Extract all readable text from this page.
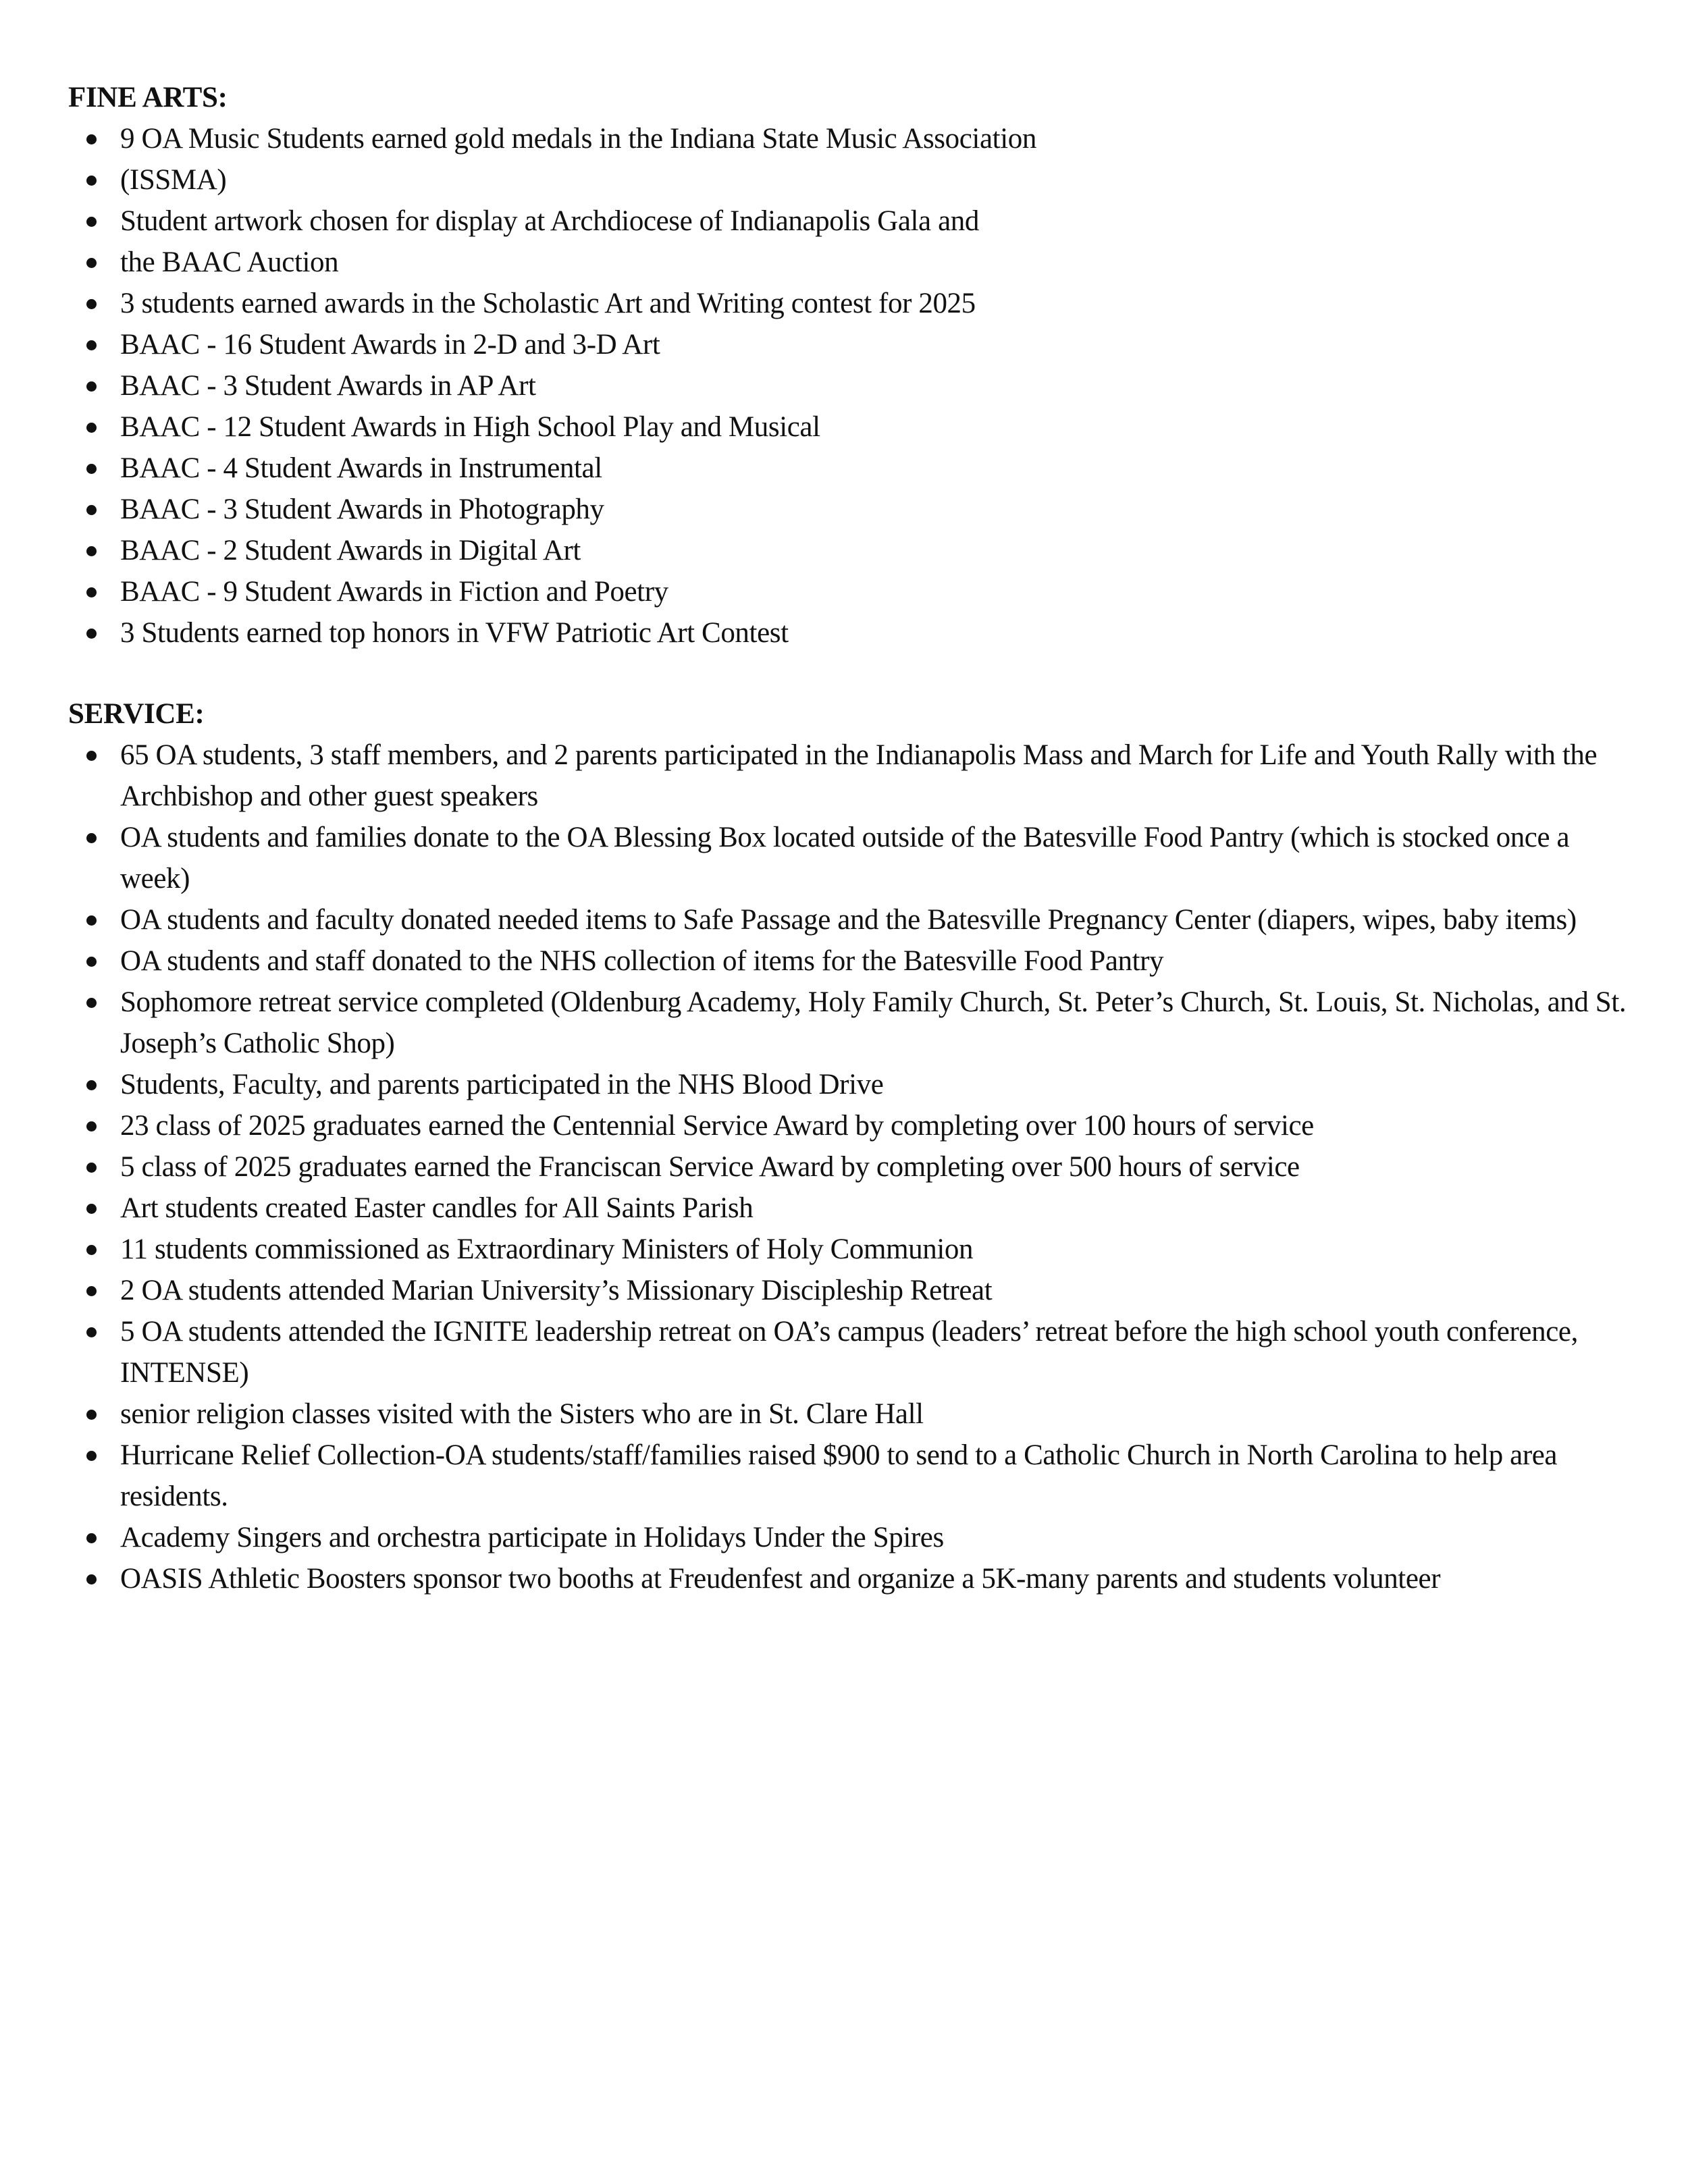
FINE ARTS:

9 OA Music Students earned gold medals in the Indiana State Music Association
(ISSMA)
Student artwork chosen for display at Archdiocese of Indianapolis Gala and
the BAAC Auction
3 students earned awards in the Scholastic Art and Writing contest for 2025
BAAC - 16 Student Awards in 2-D and 3-D Art
BAAC - 3 Student Awards in AP Art
BAAC - 12 Student Awards in High School Play and Musical
BAAC - 4 Student Awards in Instrumental
BAAC - 3 Student Awards in Photography
BAAC - 2 Student Awards in Digital Art
BAAC - 9 Student Awards in Fiction and Poetry
3 Students earned top honors in VFW Patriotic Art Contest

SERVICE:

65 OA students, 3 staff members, and 2 parents participated in the Indianapolis Mass and March for Life and Youth Rally with the Archbishop and other guest speakers
OA students and families donate to the OA Blessing Box located outside of the Batesville Food Pantry (which is stocked once a week)
OA students and faculty donated needed items to Safe Passage and the Batesville Pregnancy Center (diapers, wipes, baby items)
OA students and staff donated to the NHS collection of items for the Batesville Food Pantry
Sophomore retreat service completed (Oldenburg Academy, Holy Family Church, St. Peter’s Church, St. Louis, St. Nicholas, and St. Joseph’s Catholic Shop)
Students, Faculty, and parents participated in the NHS Blood Drive
23 class of 2025 graduates earned the Centennial Service Award by completing over 100 hours of service
5 class of 2025 graduates earned the Franciscan Service Award by completing over 500 hours of service
Art students created Easter candles for All Saints Parish
11 students commissioned as Extraordinary Ministers of Holy Communion
2 OA students attended Marian University’s Missionary Discipleship Retreat
5 OA students attended the IGNITE leadership retreat on OA’s campus (leaders’ retreat before the high school youth conference, INTENSE)
senior religion classes visited with the Sisters who are in St. Clare Hall
Hurricane Relief Collection-OA students/staff/families raised $900 to send to a Catholic Church in North Carolina to help area residents.
Academy Singers and orchestra participate in Holidays Under the Spires
OASIS Athletic Boosters sponsor two booths at Freudenfest and organize a 5K-many parents and students volunteer
